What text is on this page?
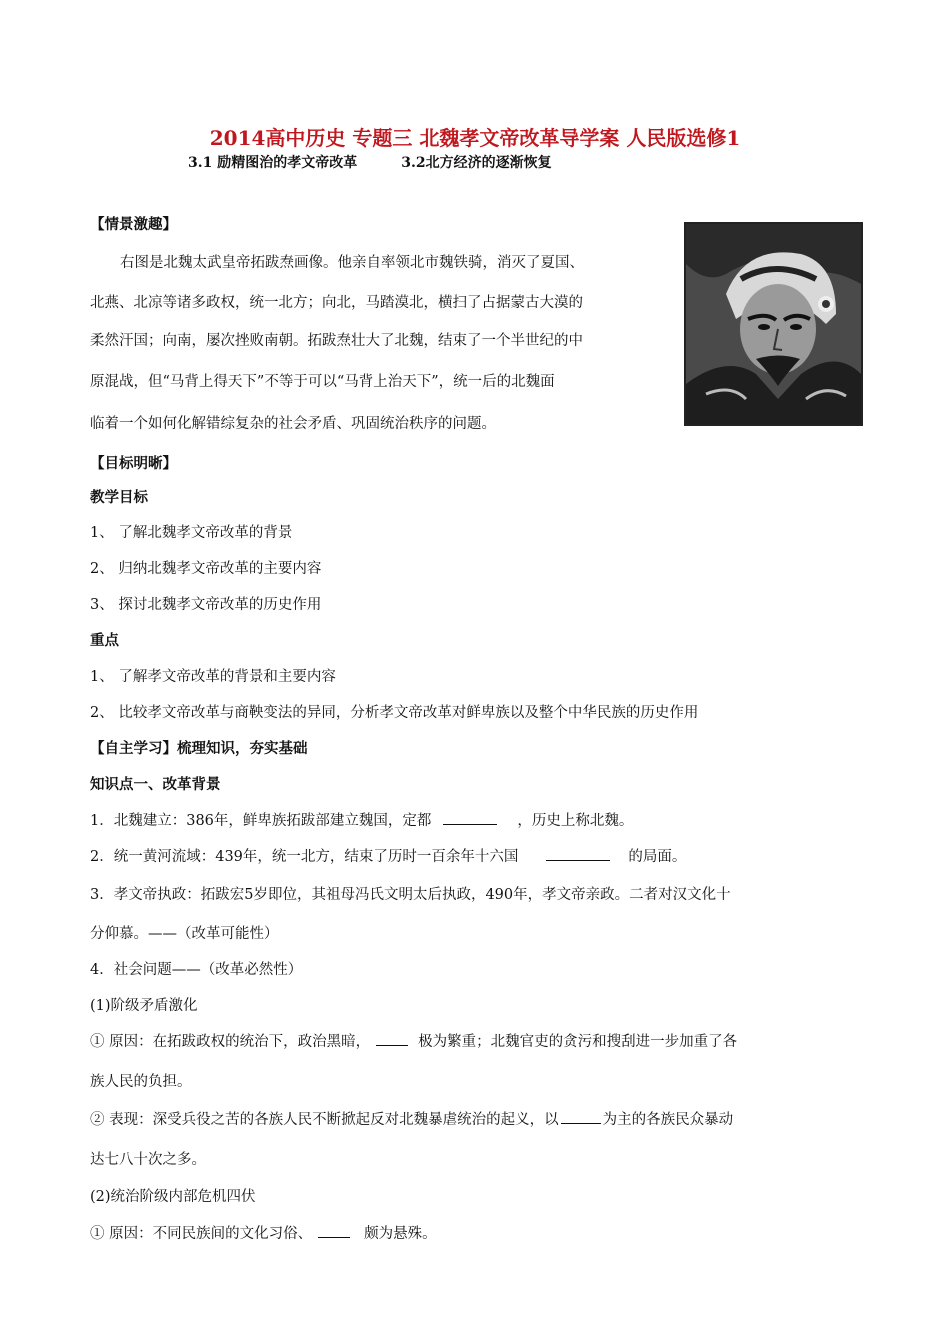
2014高中历史 专题三 北魏孝文帝改革导学案 人民版选修1
3.1 励精图治的孝文帝改革	3.2北方经济的逐渐恢复
【情景激趣】
右图是北魏太武皇帝拓跋焘画像。他亲自率领北市魏铁骑，消灭了夏国、
北燕、北凉等诸多政权，统一北方；向北，马踏漠北，横扫了占据蒙古大漠的
柔然汗国；向南，屡次挫败南朝。拓跋焘壮大了北魏，结束了一个半世纪的中
原混战，但“马背上得天下”不等于可以“马背上治天下”，统一后的北魏面
临着一个如何化解错综复杂的社会矛盾、巩固统治秩序的问题。
【目标明晰】
教学目标
1、 了解北魏孝文帝改革的背景
2、 归纳北魏孝文帝改革的主要内容
3、 探讨北魏孝文帝改革的历史作用
重点
1、 了解孝文帝改革的背景和主要内容
2、 比较孝文帝改革与商鞅变法的异同，分析孝文帝改革对鲜卑族以及整个中华民族的历史作用
【自主学习】梳理知识，夯实基础
知识点一、改革背景
1．北魏建立：386年，鲜卑族拓跋部建立魏国，定都	，历史上称北魏。
2．统一黄河流域：439年，统一北方，结束了历时一百余年十六国	的局面。
3．孝文帝执政：拓跋宏5岁即位，其祖母冯氏文明太后执政，490年，孝文帝亲政。二者对汉文化十
分仰慕。——（改革可能性）
4．社会问题——（改革必然性）
(1)阶级矛盾激化
① 原因：在拓跋政权的统治下，政治黑暗，	极为繁重；北魏官吏的贪污和搜刮进一步加重了各
族人民的负担。
② 表现：深受兵役之苦的各族人民不断掀起反对北魏暴虐统治的起义，以	为主的各族民众暴动
达七八十次之多。
(2)统治阶级内部危机四伏
① 原因：不同民族间的文化习俗、	颇为悬殊。
